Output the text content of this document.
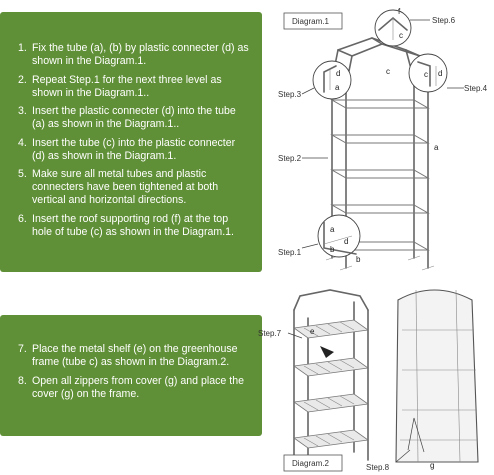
1. Fix the tube (a), (b) by plastic connecter (d) as shown in the Diagram.1.
2. Repeat Step.1 for the next three level as shown in the Diagram.1..
3. Insert the plastic connecter (d) into the tube (a) as shown in the Diagram.1..
4. Insert the tube (c) into the plastic connecter (d) as shown in the Diagram.1.
5. Make sure all metal tubes and plastic connecters have been tightened at both vertical and horizontal directions.
6. Insert the roof supporting rod (f) at the top hole of tube (c) as shown in the Diagram.1.
7. Place the metal shelf (e) on the greenhouse frame (tube c) as shown in the Diagram.2.
8. Open all zippers from cover (g) and place the cover (g) on the frame.
Diagram.1
f
c
Step.6
d
a
Step.3
c d
Step.4
c
a
Step.2
a
d
b
b
Step.1
e
Step.7
g
Step.8
Diagram.2
